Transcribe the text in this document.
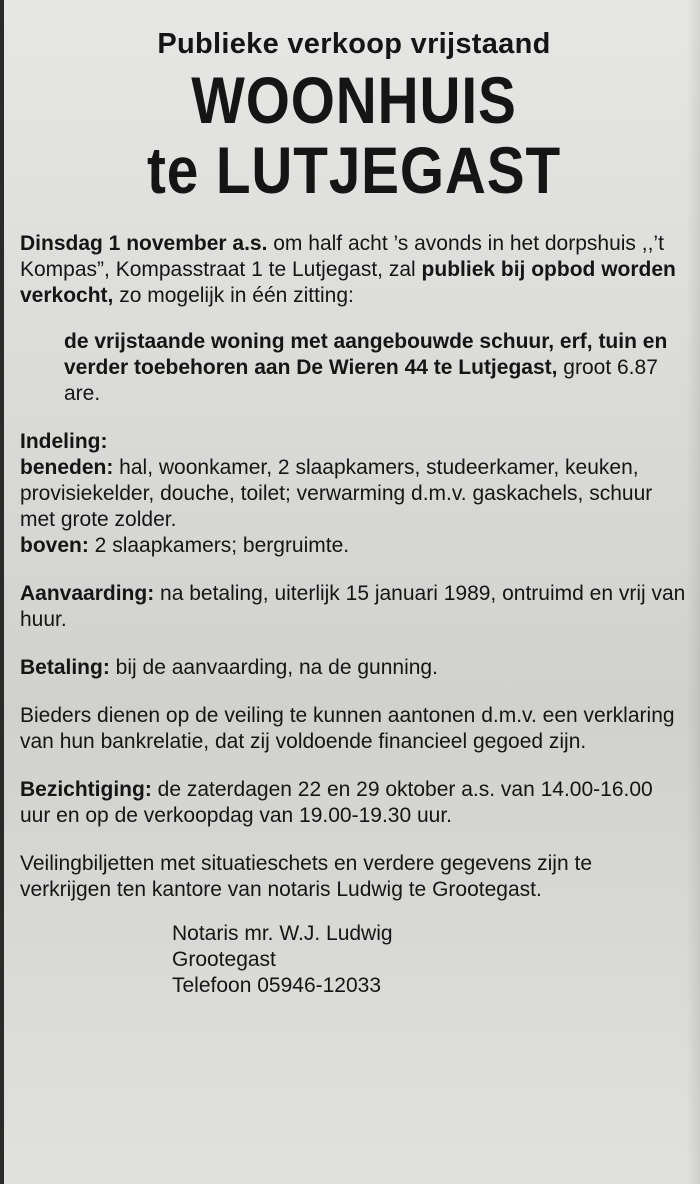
Publieke verkoop vrijstaand
WOONHUIS
te LUTJEGAST

Dinsdag 1 november a.s. om half acht ’s avonds in het dorpshuis ,,’t Kompas”, Kompasstraat 1 te Lutjegast, zal publiek bij opbod worden verkocht, zo mogelijk in één zitting:

de vrijstaande woning met aangebouwde schuur, erf, tuin en verder toebehoren aan De Wieren 44 te Lutjegast, groot 6.87 are.

Indeling:
beneden: hal, woonkamer, 2 slaapkamers, studeerkamer, keuken, provisiekelder, douche, toilet; verwarming d.m.v. gaskachels, schuur met grote zolder.
boven: 2 slaapkamers; bergruimte.

Aanvaarding: na betaling, uiterlijk 15 januari 1989, ontruimd en vrij van huur.

Betaling: bij de aanvaarding, na de gunning.

Bieders dienen op de veiling te kunnen aantonen d.m.v. een verklaring van hun bankrelatie, dat zij voldoende financieel gegoed zijn.

Bezichtiging: de zaterdagen 22 en 29 oktober a.s. van 14.00-16.00 uur en op de verkoopdag van 19.00-19.30 uur.

Veilingbiljetten met situatieschets en verdere gegevens zijn te verkrijgen ten kantore van notaris Ludwig te Grootegast.

Notaris mr. W.J. Ludwig
Grootegast
Telefoon 05946-12033
